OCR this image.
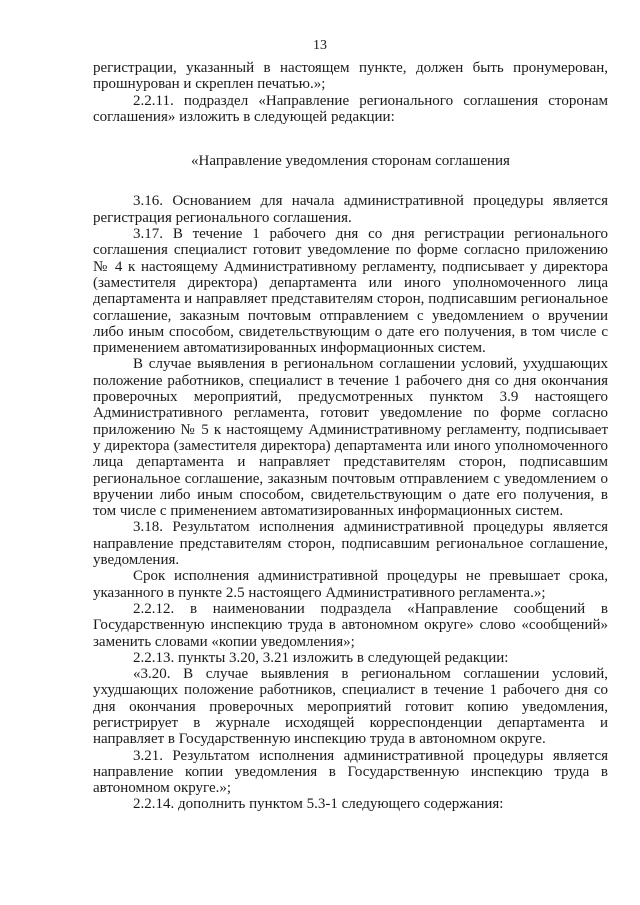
13

регистрации, указанный в настоящем пункте, должен быть пронумерован, прошнурован и скреплен печатью.»;

2.2.11. подраздел «Направление регионального соглашения сторонам соглашения» изложить в следующей редакции:

«Направление уведомления сторонам соглашения

3.16. Основанием для начала административной процедуры является регистрация регионального соглашения.

3.17. В течение 1 рабочего дня со дня регистрации регионального соглашения специалист готовит уведомление по форме согласно приложению № 4 к настоящему Административному регламенту, подписывает у директора (заместителя директора) департамента или иного уполномоченного лица департамента и направляет представителям сторон, подписавшим региональное соглашение, заказным почтовым отправлением с уведомлением о вручении либо иным способом, свидетельствующим о дате его получения, в том числе с применением автоматизированных информационных систем.

В случае выявления в региональном соглашении условий, ухудшающих положение работников, специалист в течение 1 рабочего дня со дня окончания проверочных мероприятий, предусмотренных пунктом 3.9 настоящего Административного регламента, готовит уведомление по форме согласно приложению № 5 к настоящему Административному регламенту, подписывает у директора (заместителя директора) департамента или иного уполномоченного лица департамента и направляет представителям сторон, подписавшим региональное соглашение, заказным почтовым отправлением с уведомлением о вручении либо иным способом, свидетельствующим о дате его получения, в том числе с применением автоматизированных информационных систем.

3.18. Результатом исполнения административной процедуры является направление представителям сторон, подписавшим региональное соглашение, уведомления.

Срок исполнения административной процедуры не превышает срока, указанного в пункте 2.5 настоящего Административного регламента.»;

2.2.12. в наименовании подраздела «Направление сообщений в Государственную инспекцию труда в автономном округе» слово «сообщений» заменить словами «копии уведомления»;

2.2.13. пункты 3.20, 3.21 изложить в следующей редакции:

«3.20. В случае выявления в региональном соглашении условий, ухудшающих положение работников, специалист в течение 1 рабочего дня со дня окончания проверочных мероприятий готовит копию уведомления, регистрирует в журнале исходящей корреспонденции департамента и направляет в Государственную инспекцию труда в автономном округе.

3.21. Результатом исполнения административной процедуры является направление копии уведомления в Государственную инспекцию труда в автономном округе.»;

2.2.14. дополнить пунктом 5.3-1 следующего содержания:
